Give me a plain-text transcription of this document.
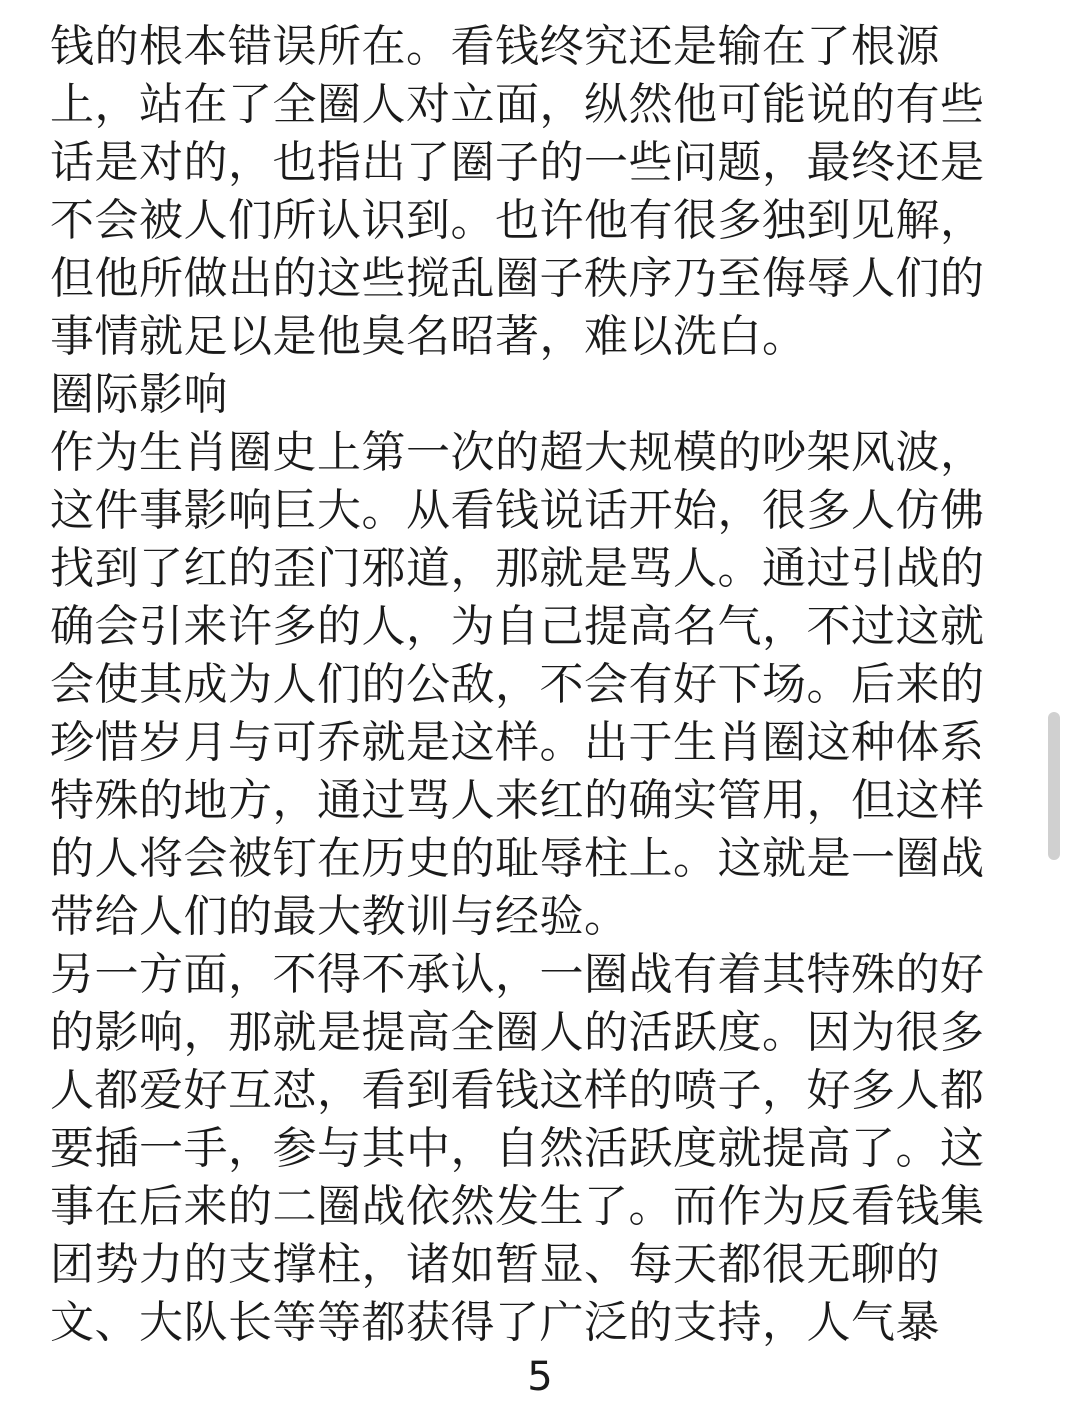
钱的根本错误所在。看钱终究还是输在了根源
上，站在了全圈人对立面，纵然他可能说的有些
话是对的，也指出了圈子的一些问题，最终还是
不会被人们所认识到。也许他有很多独到见解，
但他所做出的这些搅乱圈子秩序乃至侮辱人们的
事情就足以是他臭名昭著，难以洗白。
圈际影响
作为生肖圈史上第一次的超大规模的吵架风波，
这件事影响巨大。从看钱说话开始，很多人仿佛
找到了红的歪门邪道，那就是骂人。通过引战的
确会引来许多的人，为自己提高名气，不过这就
会使其成为人们的公敌，不会有好下场。后来的
珍惜岁月与可乔就是这样。出于生肖圈这种体系
特殊的地方，通过骂人来红的确实管用，但这样
的人将会被钉在历史的耻辱柱上。这就是一圈战
带给人们的最大教训与经验。
另一方面，不得不承认，一圈战有着其特殊的好
的影响，那就是提高全圈人的活跃度。因为很多
人都爱好互怼，看到看钱这样的喷子，好多人都
要插一手，参与其中，自然活跃度就提高了。这
事在后来的二圈战依然发生了。而作为反看钱集
团势力的支撑柱，诸如暂显、每天都很无聊的
文、大队长等等都获得了广泛的支持，人气暴
5
